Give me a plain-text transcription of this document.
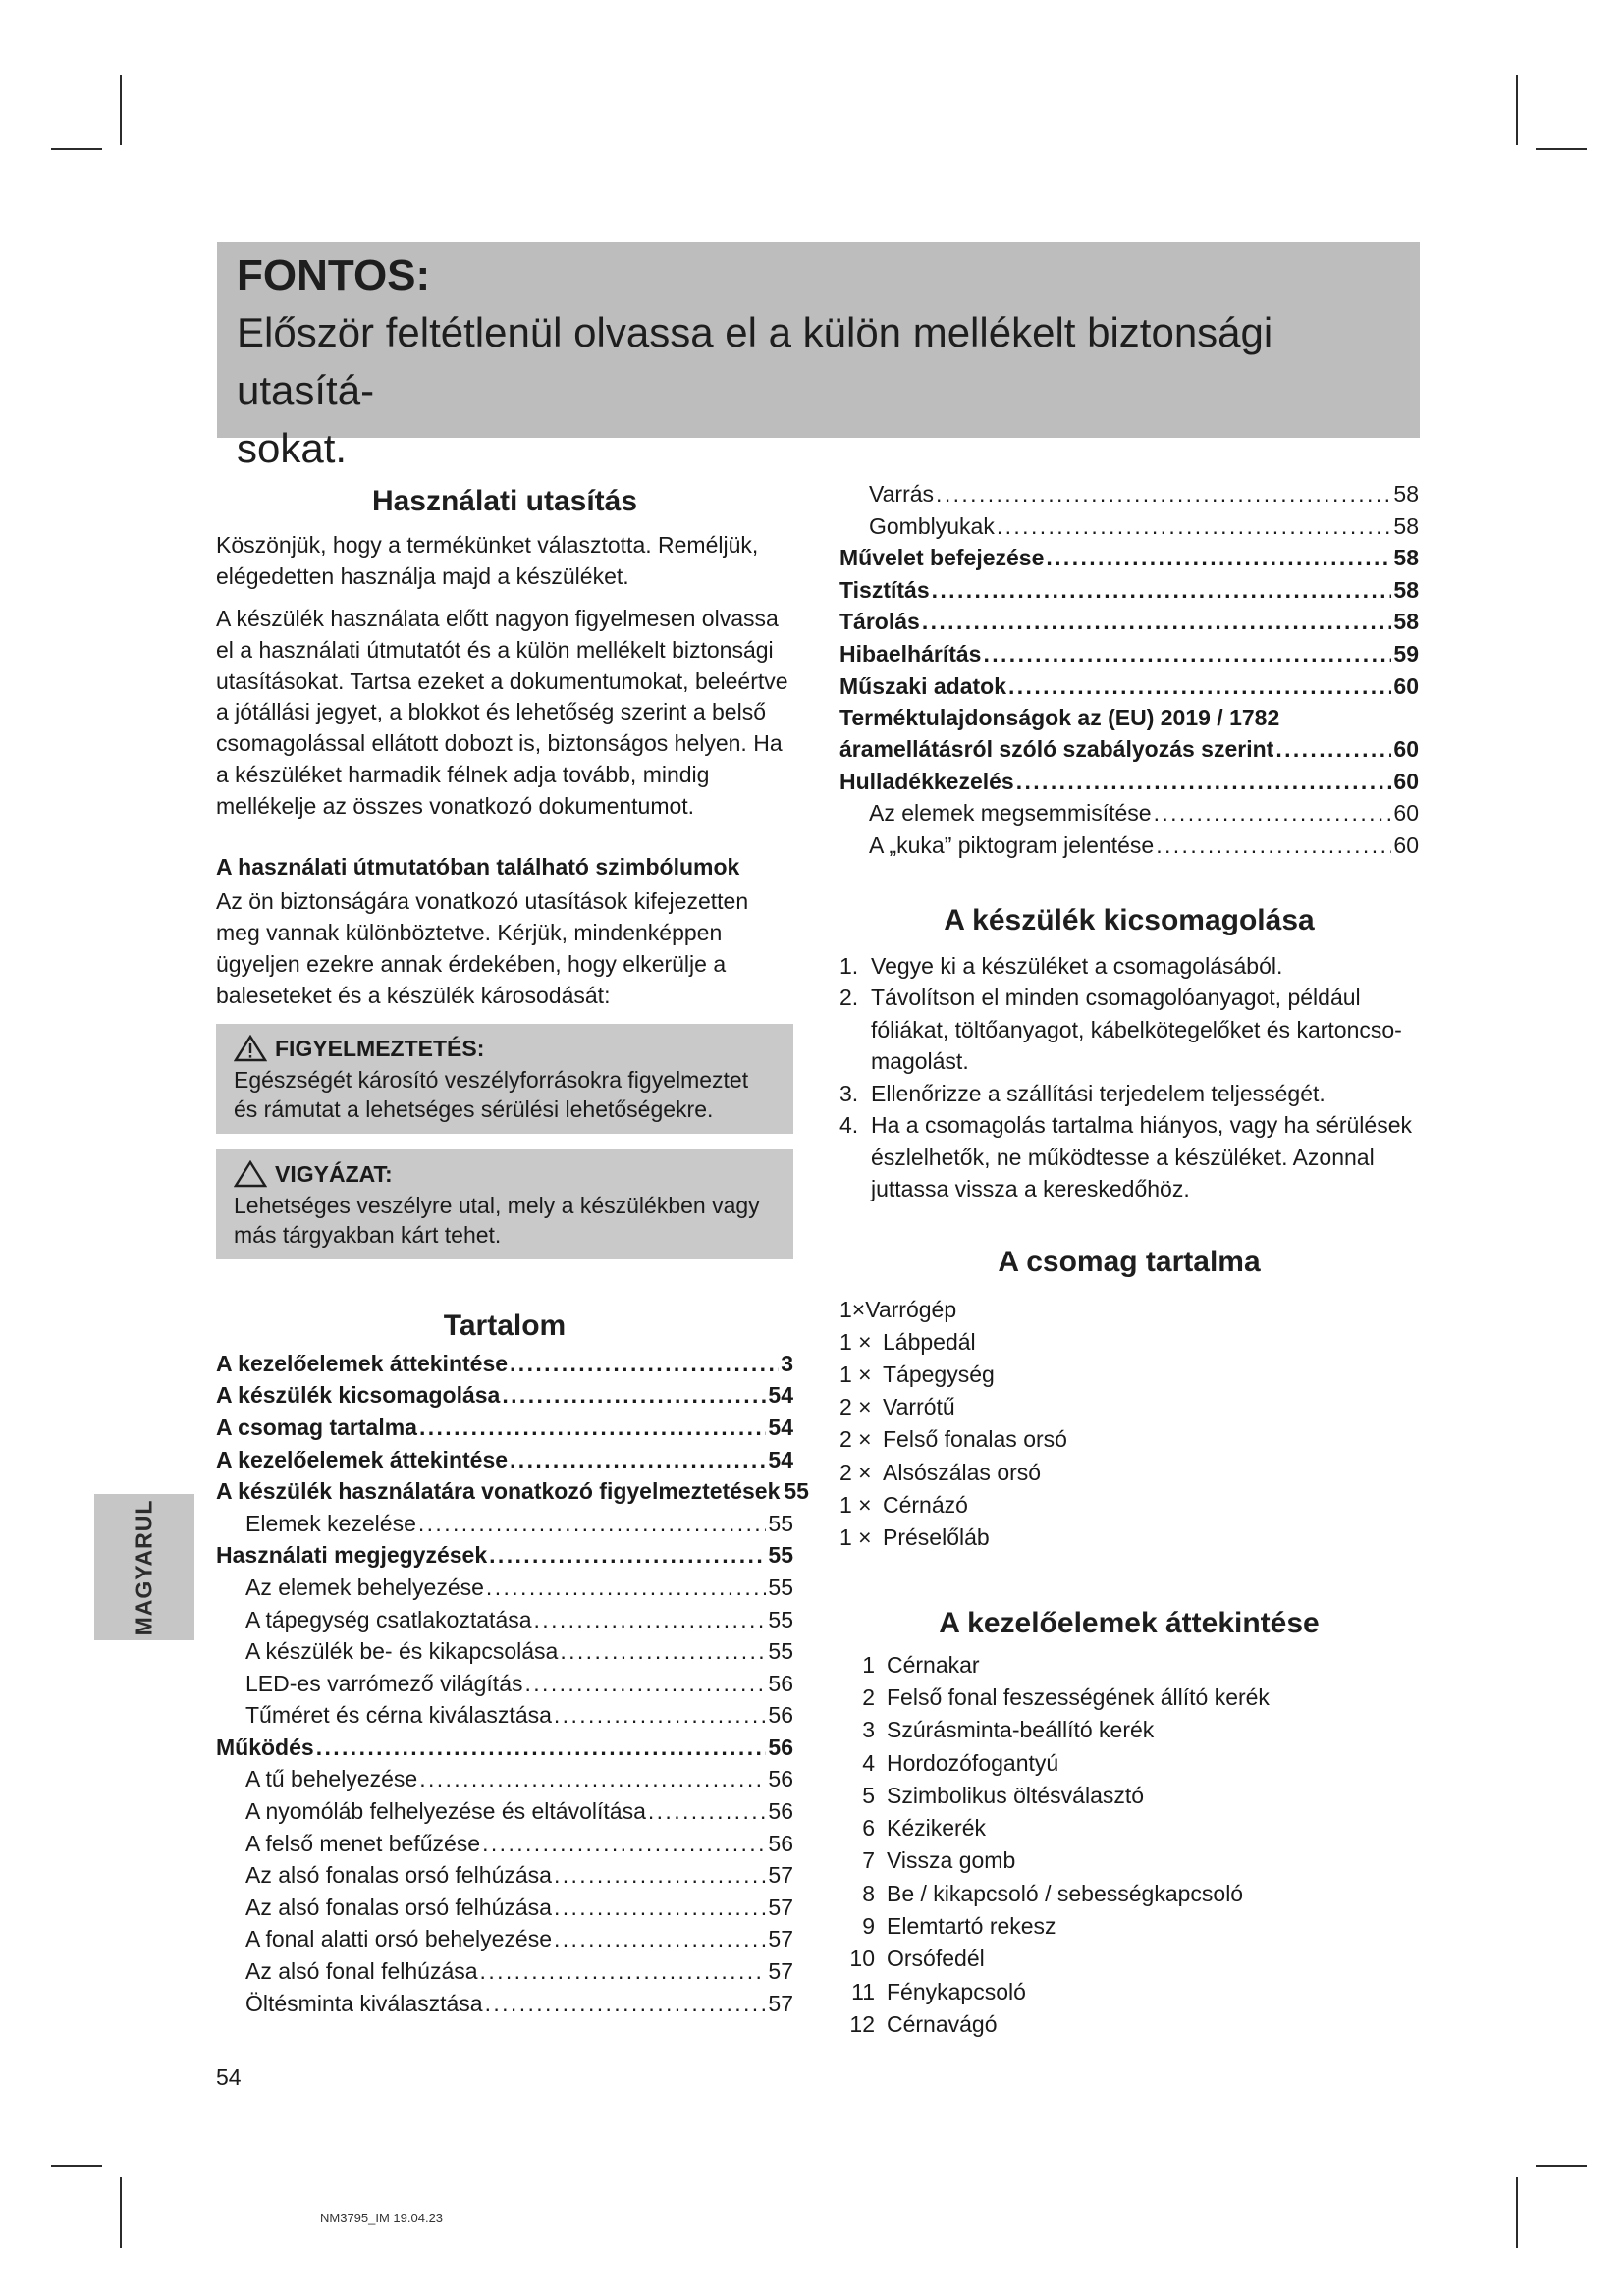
FONTOS:
Először feltétlenül olvassa el a külön mellékelt biztonsági utasítá-
sokat.
MAGYARUL
Használati utasítás

Köszönjük, hogy a termékünket választotta. Reméljük, elégedetten használja majd a készüléket.

A készülék használata előtt nagyon figyelmesen olvassa el a használati útmutatót és a külön mellékelt biztonsági utasításokat. Tartsa ezeket a dokumentumokat, beleértve a jótállási jegyet, a blokkot és lehetőség szerint a belső csomagolással ellátott dobozt is, biztonságos helyen. Ha a készüléket harmadik félnek adja tovább, mindig mellékelje az összes vonatkozó dokumentumot.

A használati útmutatóban található szimbólumok

Az ön biztonságára vonatkozó utasítások kifejezetten meg vannak különböztetve. Kérjük, mindenképpen ügyeljen ezekre annak érdekében, hogy elkerülje a baleseteket és a készülék károsodását:

FIGYELMEZTETÉS:
Egészségét károsító veszélyforrásokra figyelmeztet és rámutat a lehetséges sérülési lehetőségekre.
VIGYÁZAT:
Lehetséges veszélyre utal, mely a készülékben vagy más tárgyakban kárt tehet.
Tartalom
A kezelőelemek áttekintése . . .	3
A készülék kicsomagolása . . .	54
A csomag tartalma . . .	54
A kezelőelemek áttekintése . . .	54
A készülék használatára vonatkozó figyelmeztetések 55
Elemek kezelése . . .	55
Használati megjegyzések . . .	55
Az elemek behelyezése . . .	55
A tápegység csatlakoztatása . . .	55
A készülék be- és kikapcsolása . . .	55
LED-es varrómező világítás . . .	56
Tűméret és cérna kiválasztása . . .	56
Működés . . .	56
A tű behelyezése . . .	56
A nyomóláb felhelyezése és eltávolítása . . .	56
A felső menet befűzése . . .	56
Az alsó fonalas orsó felhúzása . . .	57
Az alsó fonalas orsó felhúzása . . .	57
A fonal alatti orsó behelyezése . . .	57
Az alsó fonal felhúzása . . .	57
Öltésminta kiválasztása . . .	57
Varrás . . .	58
Gomblyukak . . .	58
Művelet befejezése . . .	58
Tisztítás . . .	58
Tárolás . . .	58
Hibaelhárítás . . .	59
Műszaki adatok . . .	60
Terméktulajdonságok az (EU) 2019 / 1782
áramellátásról szóló szabályozás szerint . . .	60
Hulladékkezelés . . .	60
Az elemek megsemmisítése . . .	60
A „kuka” piktogram jelentése . . .	60
A készülék kicsomagolása
1. Vegye ki a készüléket a csomagolásából.
2. Távolítson el minden csomagolóanyagot, például fóliákat, töltőanyagot, kábelkötegelőket és kartoncso-magolást.
3. Ellenőrizze a szállítási terjedelem teljességét.
4. Ha a csomagolás tartalma hiányos, vagy ha sérülések észlelhetők, ne működtesse a készüléket. Azonnal juttassa vissza a kereskedőhöz.
A csomag tartalma
1×Varrógép
1 × Lábpedál
1 × Tápegység
2 × Varrótű
2 × Felső fonalas orsó
2 × Alsószálas orsó
1 × Cérnázó
1 × Préselőláb
A kezelőelemek áttekintése
1 Cérnakar
2 Felső fonal feszességének állító kerék
3 Szúrásminta-beállító kerék
4 Hordozófogantyú
5 Szimbolikus öltésválasztó
6 Kézikerék
7 Vissza gomb
8 Be / kikapcsoló / sebességkapcsoló
9 Elemtartó rekesz
10 Orsófedél
11 Fénykapcsoló
12 Cérnavágó
54
NM3795_IM 19.04.23
